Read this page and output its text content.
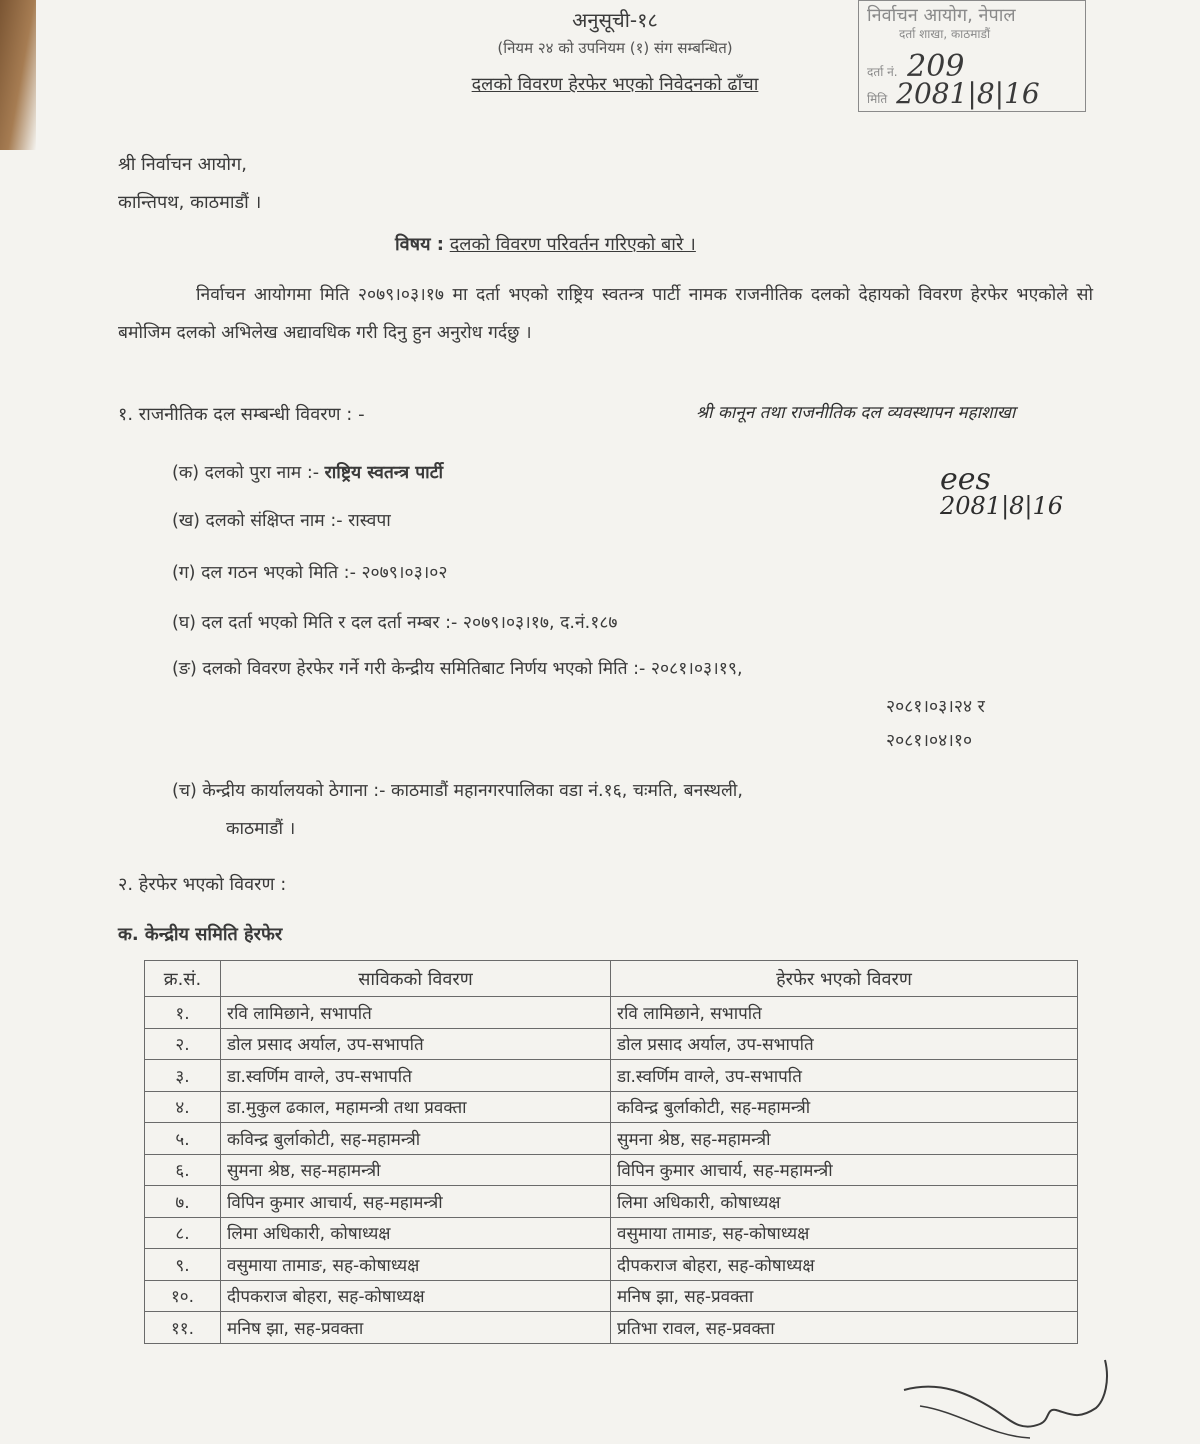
अनुसूची-१८
(नियम २४ को उपनियम (१) संग सम्बन्धित)
दलको विवरण हेरफेर भएको निवेदनको ढाँचा
निर्वाचन आयोग, नेपाल
दर्ता शाखा, काठमाडौं
दर्ता नं. 209
मिति 2081|8|16
श्री निर्वाचन आयोग,
कान्तिपथ, काठमाडौं ।
विषय : दलको विवरण परिवर्तन गरिएको बारे ।
निर्वाचन आयोगमा मिति २०७९।०३।१७ मा दर्ता भएको राष्ट्रिय स्वतन्त्र पार्टी नामक राजनीतिक दलको देहायको विवरण हेरफेर भएकोले सो बमोजिम दलको अभिलेख अद्यावधिक गरी दिनु हुन अनुरोध गर्दछु ।
१. राजनीतिक दल सम्बन्धी विवरण : -	श्री कानून तथा राजनीतिक दल व्यवस्थापन महाशाखा
ees
2081|8|16
(क) दलको पुरा नाम :- राष्ट्रिय स्वतन्त्र पार्टी
(ख) दलको संक्षिप्त नाम :- रास्वपा
(ग) दल गठन भएको मिति :- २०७९।०३।०२
(घ) दल दर्ता भएको मिति र दल दर्ता नम्बर :- २०७९।०३।१७, द.नं.१८७
(ङ) दलको विवरण हेरफेर गर्ने गरी केन्द्रीय समितिबाट निर्णय भएको मिति :- २०८१।०३।१९,
२०८१।०३।२४ र
२०८१।०४।१०
(च) केन्द्रीय कार्यालयको ठेगाना :- काठमाडौं महानगरपालिका वडा नं.१६, चःमति, बनस्थली,
काठमाडौं ।
२. हेरफेर भएको विवरण :
क. केन्द्रीय समिति हेरफेर
क्र.सं.	साविकको विवरण	हेरफेर भएको विवरण
१.	रवि लामिछाने, सभापति	रवि लामिछाने, सभापति
२.	डोल प्रसाद अर्याल, उप-सभापति	डोल प्रसाद अर्याल, उप-सभापति
३.	डा.स्वर्णिम वाग्ले, उप-सभापति	डा.स्वर्णिम वाग्ले, उप-सभापति
४.	डा.मुकुल ढकाल, महामन्त्री तथा प्रवक्ता	कविन्द्र बुर्लाकोटी, सह-महामन्त्री
५.	कविन्द्र बुर्लाकोटी, सह-महामन्त्री	सुमना श्रेष्ठ, सह-महामन्त्री
६.	सुमना श्रेष्ठ, सह-महामन्त्री	विपिन कुमार आचार्य, सह-महामन्त्री
७.	विपिन कुमार आचार्य, सह-महामन्त्री	लिमा अधिकारी, कोषाध्यक्ष
८.	लिमा अधिकारी, कोषाध्यक्ष	वसुमाया तामाङ, सह-कोषाध्यक्ष
९.	वसुमाया तामाङ, सह-कोषाध्यक्ष	दीपकराज बोहरा, सह-कोषाध्यक्ष
१०.	दीपकराज बोहरा, सह-कोषाध्यक्ष	मनिष झा, सह-प्रवक्ता
११.	मनिष झा, सह-प्रवक्ता	प्रतिभा रावल, सह-प्रवक्ता
